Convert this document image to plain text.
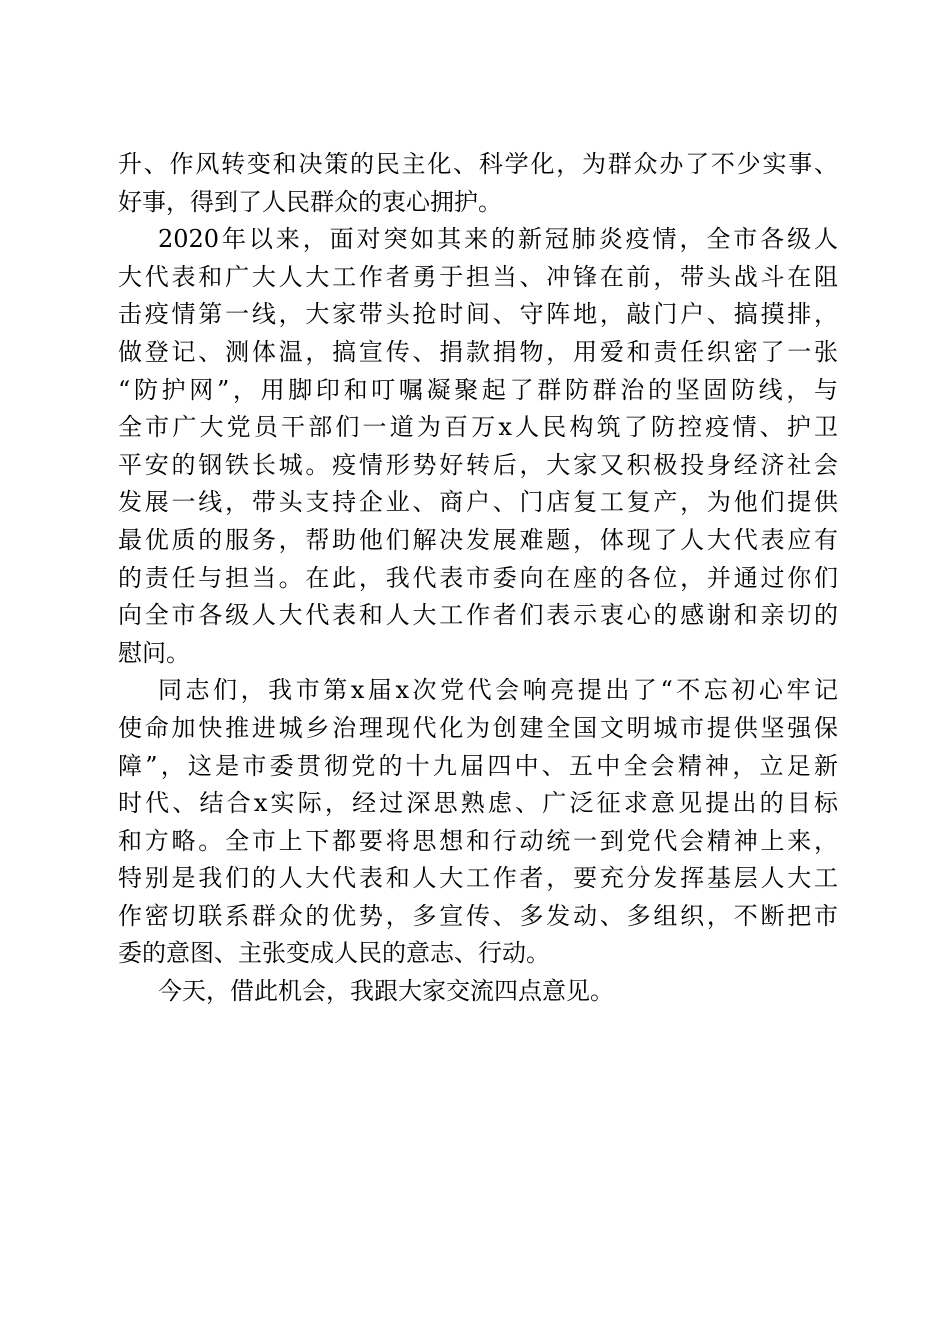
升、作风转变和决策的民主化、科学化，为群众办了不少实事、
好事，得到了人民群众的衷心拥护。
2020年以来，面对突如其来的新冠肺炎疫情，全市各级人
大代表和广大人大工作者勇于担当、冲锋在前，带头战斗在阻
击疫情第一线，大家带头抢时间、守阵地，敲门户、搞摸排，
做登记、测体温，搞宣传、捐款捐物，用爱和责任织密了一张
“防护网”，用脚印和叮嘱凝聚起了群防群治的坚固防线，与
全市广大党员干部们一道为百万x人民构筑了防控疫情、护卫
平安的钢铁长城。疫情形势好转后，大家又积极投身经济社会
发展一线，带头支持企业、商户、门店复工复产，为他们提供
最优质的服务，帮助他们解决发展难题，体现了人大代表应有
的责任与担当。在此，我代表市委向在座的各位，并通过你们
向全市各级人大代表和人大工作者们表示衷心的感谢和亲切的
慰问。
同志们，我市第x届x次党代会响亮提出了“不忘初心牢记
使命加快推进城乡治理现代化为创建全国文明城市提供坚强保
障”，这是市委贯彻党的十九届四中、五中全会精神，立足新
时代、结合x实际，经过深思熟虑、广泛征求意见提出的目标
和方略。全市上下都要将思想和行动统一到党代会精神上来，
特别是我们的人大代表和人大工作者，要充分发挥基层人大工
作密切联系群众的优势，多宣传、多发动、多组织，不断把市
委的意图、主张变成人民的意志、行动。
今天，借此机会，我跟大家交流四点意见。
